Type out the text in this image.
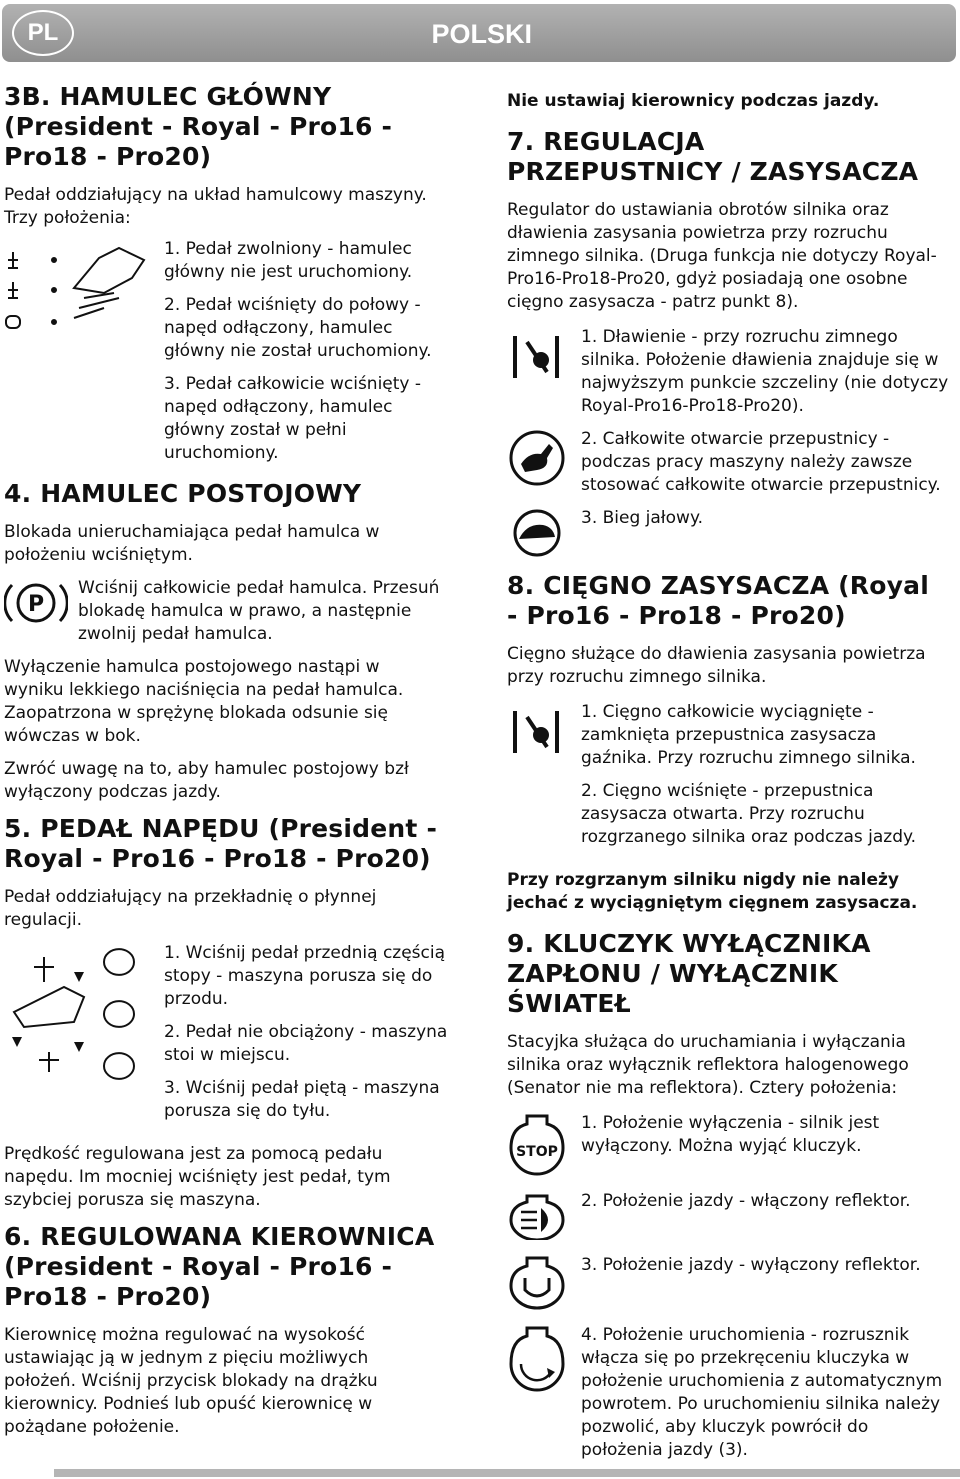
PL	POLSKI
3B. HAMULEC GŁÓWNY (President - Royal - Pro16 - Pro18 - Pro20)

Pedał oddziałujący na układ hamulcowy maszyny. Trzy położenia:

1. Pedał zwolniony - hamulec główny nie jest uruchomiony.
2. Pedał wciśnięty do połowy - napęd odłączony, hamulec główny nie został uruchomiony.
3. Pedał całkowicie wciśnięty - napęd odłączony, hamulec główny został w pełni uruchomiony.
4. HAMULEC POSTOJOWY

Blokada unieruchamiająca pedał hamulca w położeniu wciśniętym.

P

Wciśnij całkowicie pedał hamulca. Przesuń blokadę hamulca w prawo, a następnie zwolnij pedał hamulca.

Wyłączenie hamulca postojowego nastąpi w wyniku lekkiego naciśnięcia na pedał hamulca. Zaopatrzona w sprężynę blokada odsunie się wówczas w bok.

Zwróć uwagę na to, aby hamulec postojowy bzł wyłączony podczas jazdy.

5. PEDAŁ NAPĘDU (President - Royal - Pro16 - Pro18 - Pro20)

Pedał oddziałujący na przekładnię o płynnej regulacji.

1. Wciśnij pedał przednią częścią stopy - maszyna porusza się do przodu.
2. Pedał nie obciążony - maszyna stoi w miejscu.
3. Wciśnij pedał piętą - maszyna porusza się do tyłu.

Prędkość regulowana jest za pomocą pedału napędu. Im mocniej wciśnięty jest pedał, tym szybciej porusza się maszyna.

6. REGULOWANA KIEROWNICA (President - Royal - Pro16 - Pro18 - Pro20)

Kierownicę można regulować na wysokość ustawiając ją w jednym z pięciu możliwych położeń. Wciśnij przycisk blokady na drążku kierownicy. Podnieś lub opuść kierownicę w pożądane położenie.

Nie ustawiaj kierownicy podczas jazdy.

7. REGULACJA PRZEPUSTNICY / ZASYSACZA

Regulator do ustawiania obrotów silnika oraz dławienia zasysania powietrza przy rozruchu zimnego silnika. (Druga funkcja nie dotyczy Royal-Pro16-Pro18-Pro20, gdyż posiadają one osobne cięgno zasysacza - patrz punkt 8).

1. Dławienie - przy rozruchu zimnego silnika. Położenie dławienia znajduje się w najwyższym punkcie szczeliny (nie dotyczy Royal-Pro16-Pro18-Pro20).

2. Całkowite otwarcie przepustnicy - podczas pracy maszyny należy zawsze stosować całkowite otwarcie przepustnicy.

3. Bieg jałowy.

8. CIĘGNO ZASYSACZA (Royal - Pro16 - Pro18 - Pro20)

Cięgno służące do dławienia zasysania powietrza przy rozruchu zimnego silnika.

1. Cięgno całkowicie wyciągnięte - zamknięta przepustnica zasysacza gaźnika. Przy rozruchu zimnego silnika.
2. Cięgno wciśnięte - przepustnica zasysacza otwarta. Przy rozruchu rozgrzanego silnika oraz podczas jazdy.

Przy rozgrzanym silniku nigdy nie należy jechać z wyciągniętym cięgnem zasysacza.

9. KLUCZYK WYŁĄCZNIKA ZAPŁONU / WYŁĄCZNIK ŚWIATEŁ

Stacyjka służąca do uruchamiania i wyłączania silnika oraz wyłącznik reflektora halogenowego (Senator nie ma reflektora). Cztery położenia:

STOP

1. Położenie wyłączenia - silnik jest wyłączony. Można wyjąć kluczyk.

2. Położenie jazdy - włączony reflektor.

3. Położenie jazdy - wyłączony reflektor.

4. Położenie uruchomienia - rozrusznik włącza się po przekręceniu kluczyka w położenie uruchomienia z automatycznym powrotem. Po uruchomieniu silnika należy pozwolić, aby kluczyk powrócił do położenia jazdy (3).
